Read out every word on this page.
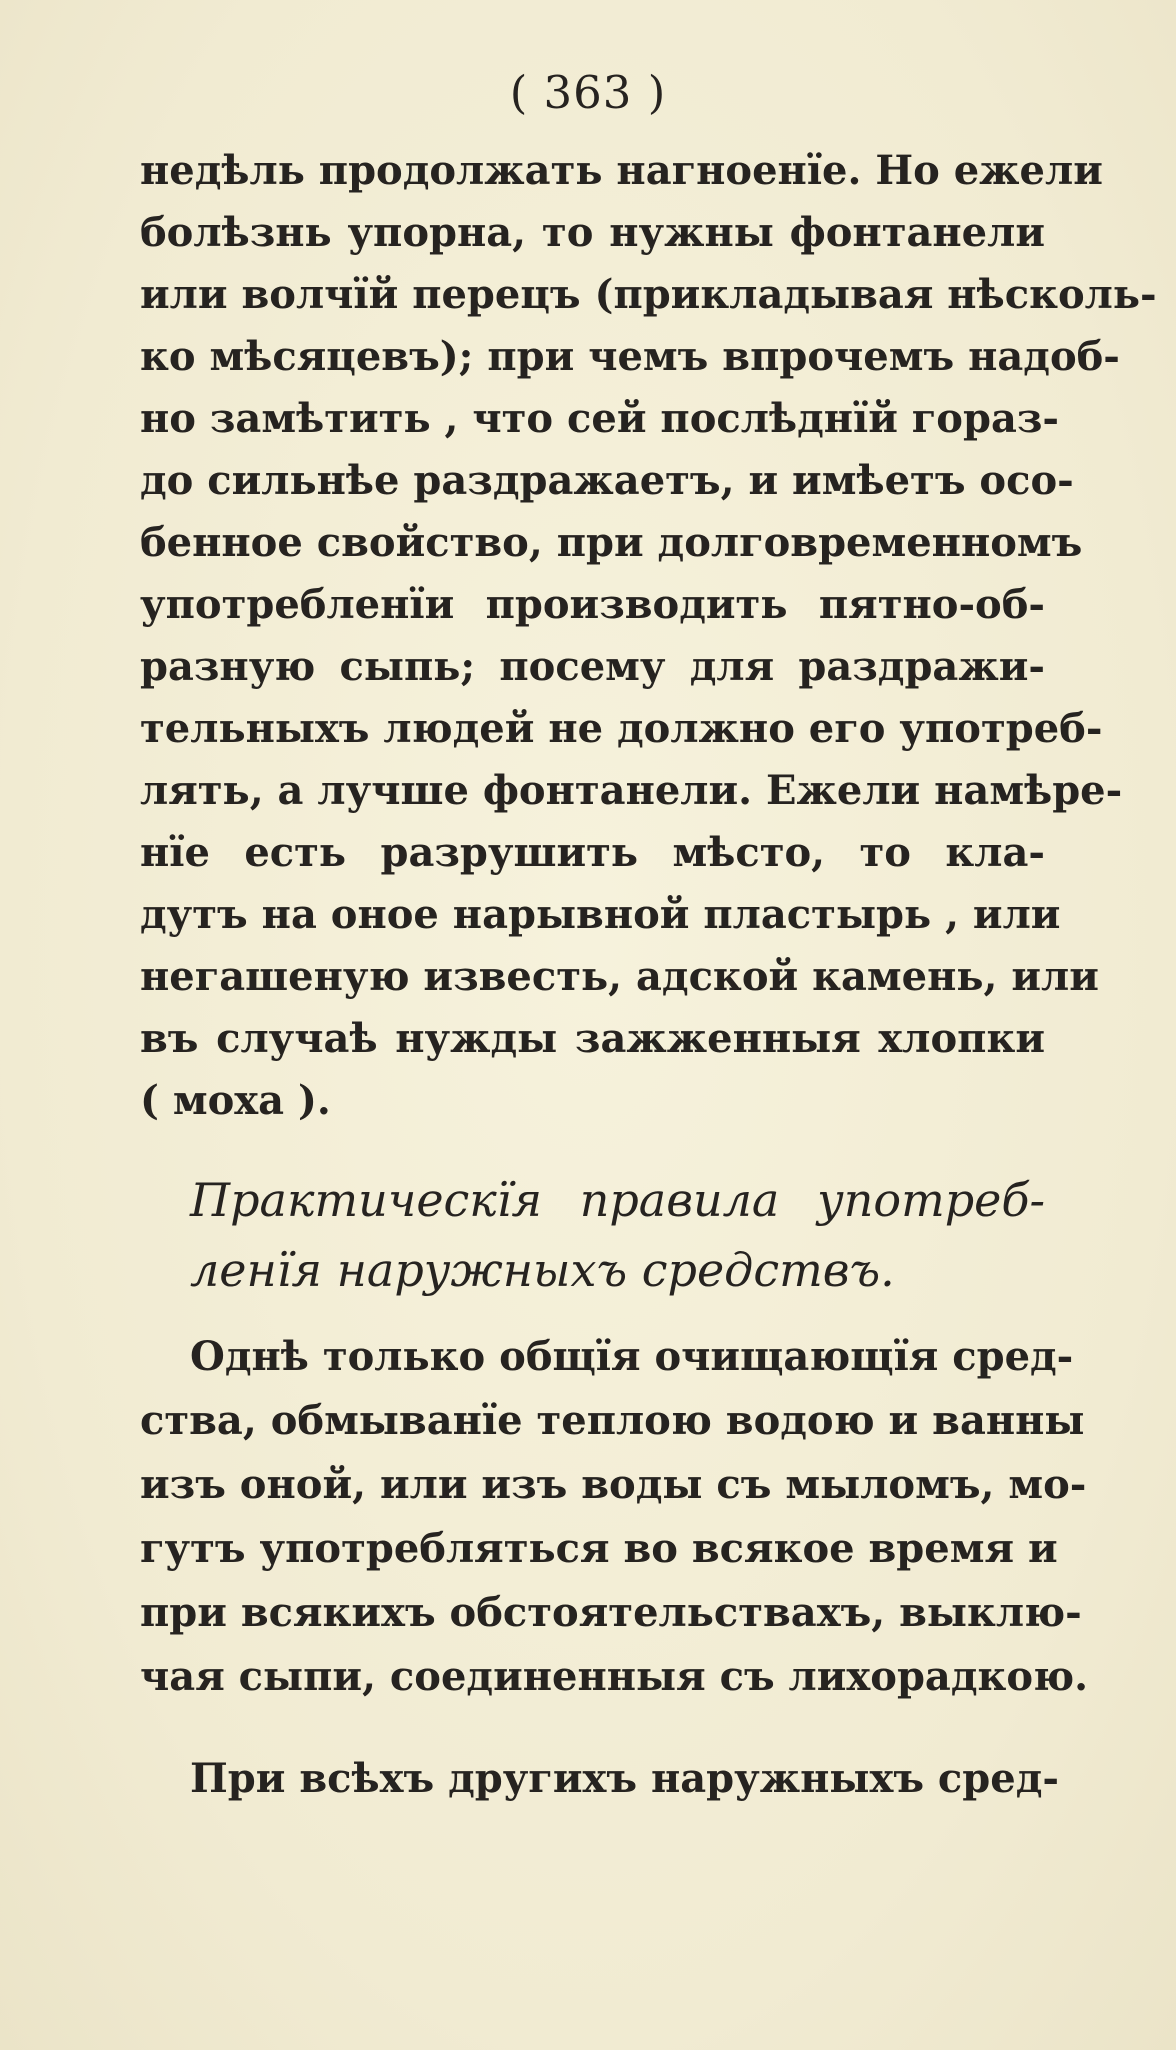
( 363 )
недѣль продолжать нагноенїе. Но ежели
болѣзнь упорна, то нужны фонтанели
или волчїй перецъ (прикладывая нѣсколь-
ко мѣсяцевъ); при чемъ впрочемъ надоб-
но замѣтить , что сей послѣднїй гораз-
до сильнѣе раздражаетъ, и имѣетъ осо-
бенное свойство, при долговременномъ
употребленїи производить пятно-об-
разную сыпь; посему для раздражи-
тельныхъ людей не должно его употреб-
лять, а лучше фонтанели. Ежели намѣре-
нїе есть разрушить мѣсто, то кла-
дутъ на оное нарывной пластырь , или
негашеную известь, адской камень, или
въ случаѣ нужды зажженныя хлопки
( моха ).
Практическїя правила употреб-
ленїя наружныхъ средствъ.
Однѣ только общїя очищающїя сред-
ства, обмыванїе теплою водою и ванны
изъ оной, или изъ воды съ мыломъ, мо-
гутъ употребляться во всякое время и
при всякихъ обстоятельствахъ, выклю-
чая сыпи, соединенныя съ лихорадкою.
При всѣхъ другихъ наружныхъ сред-
